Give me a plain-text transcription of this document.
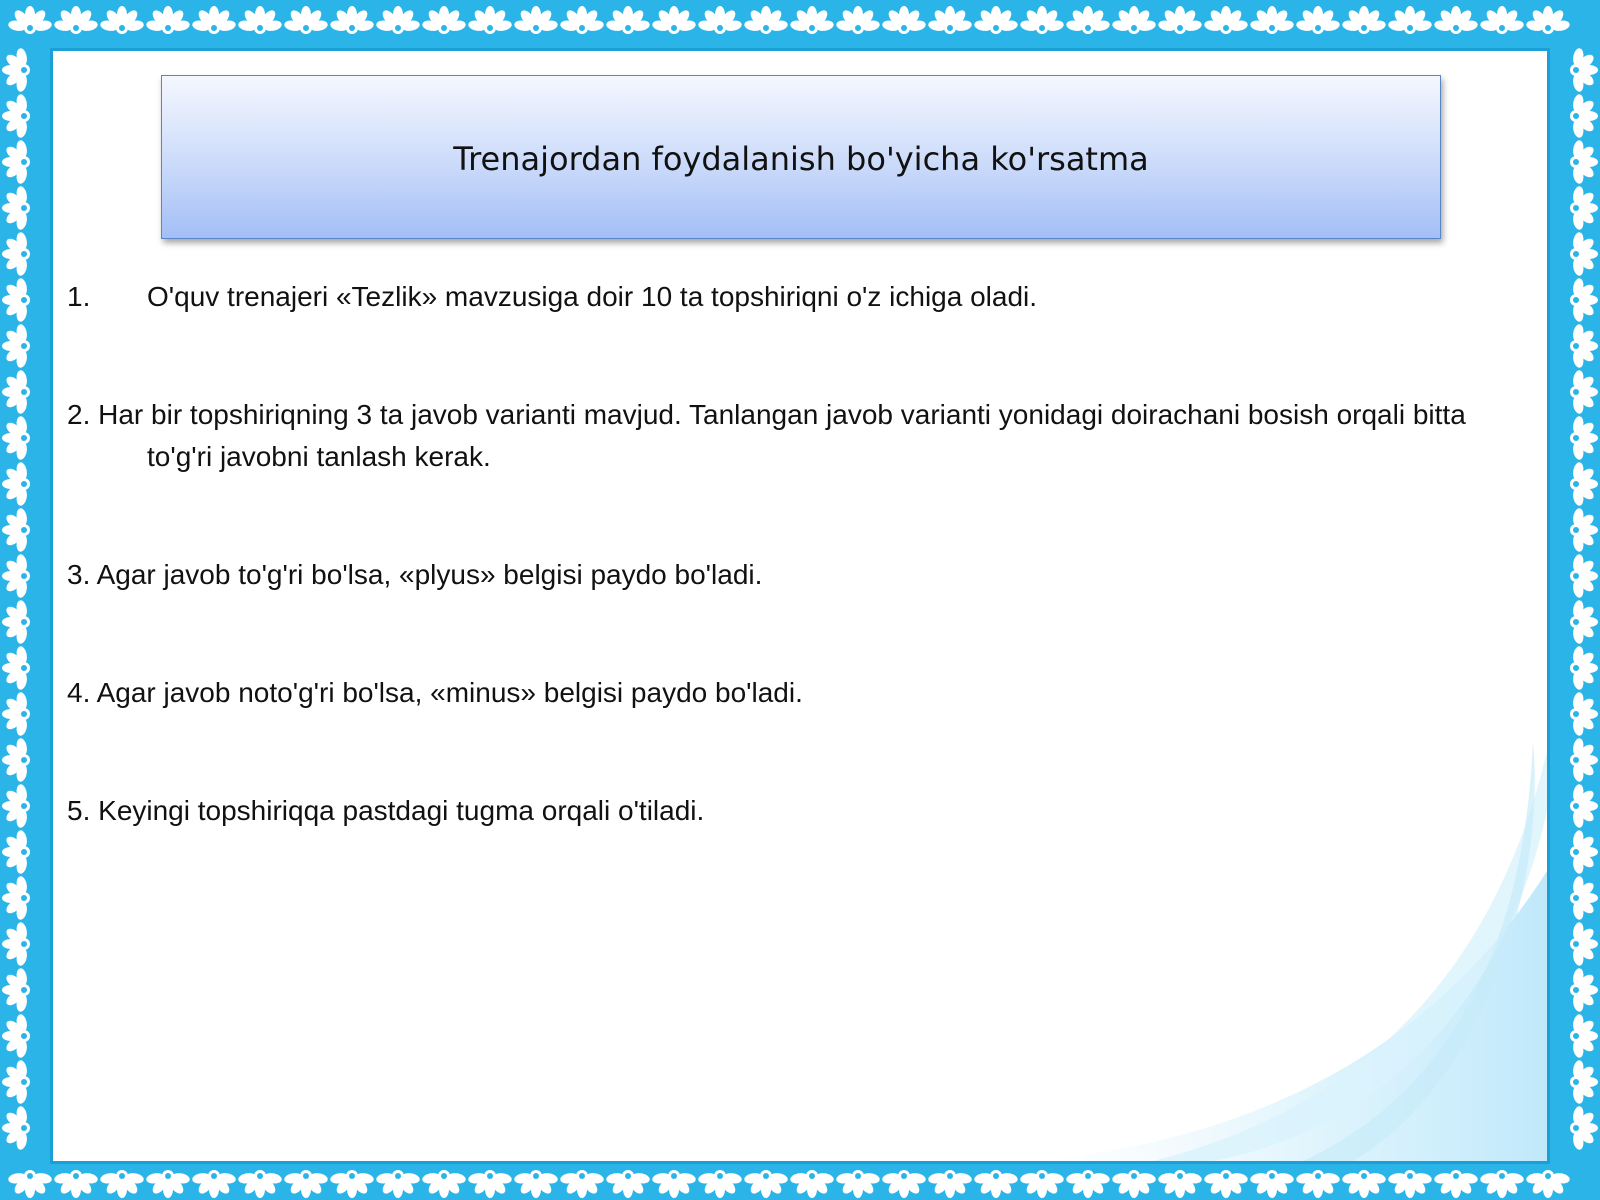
Trenajordan foydalanish bo'yicha ko'rsatma
1. O'quv trenajeri «Tezlik» mavzusiga doir 10 ta topshiriqni o'z ichiga oladi.
2. Har bir topshiriqning 3 ta javob varianti mavjud. Tanlangan javob varianti yonidagi doirachani bosish orqali bitta to'g'ri javobni tanlash kerak.
3. Agar javob to'g'ri bo'lsa, «plyus» belgisi paydo bo'ladi.
4. Agar javob noto'g'ri bo'lsa, «minus» belgisi paydo bo'ladi.
5. Keyingi topshiriqqa pastdagi tugma orqali o'tiladi.
